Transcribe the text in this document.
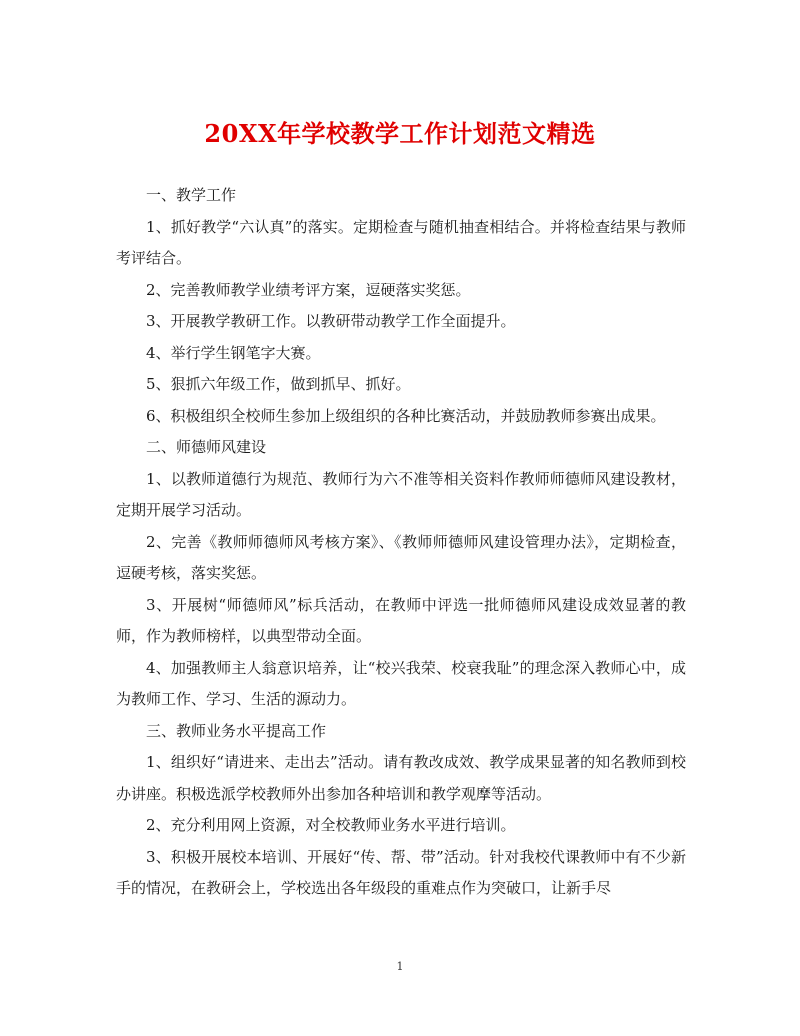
20XX年学校教学工作计划范文精选

一、教学工作

1、抓好教学“六认真”的落实。定期检查与随机抽查相结合。并将检查结果与教师考评结合。

2、完善教师教学业绩考评方案，逗硬落实奖惩。

3、开展教学教研工作。以教研带动教学工作全面提升。

4、举行学生钢笔字大赛。

5、狠抓六年级工作，做到抓早、抓好。

6、积极组织全校师生参加上级组织的各种比赛活动，并鼓励教师参赛出成果。

二、师德师风建设

1、以教师道德行为规范、教师行为六不准等相关资料作教师师德师风建设教材，定期开展学习活动。

2、完善《教师师德师风考核方案》、《教师师德师风建设管理办法》，定期检查，逗硬考核，落实奖惩。

3、开展树“师德师风”标兵活动，在教师中评选一批师德师风建设成效显著的教师，作为教师榜样，以典型带动全面。

4、加强教师主人翁意识培养，让“校兴我荣、校衰我耻”的理念深入教师心中，成为教师工作、学习、生活的源动力。

三、教师业务水平提高工作

1、组织好“请进来、走出去”活动。请有教改成效、教学成果显著的知名教师到校办讲座。积极选派学校教师外出参加各种培训和教学观摩等活动。

2、充分利用网上资源，对全校教师业务水平进行培训。

3、积极开展校本培训、开展好“传、帮、带”活动。针对我校代课教师中有不少新手的情况，在教研会上，学校选出各年级段的重难点作为突破口，让新手尽

1
